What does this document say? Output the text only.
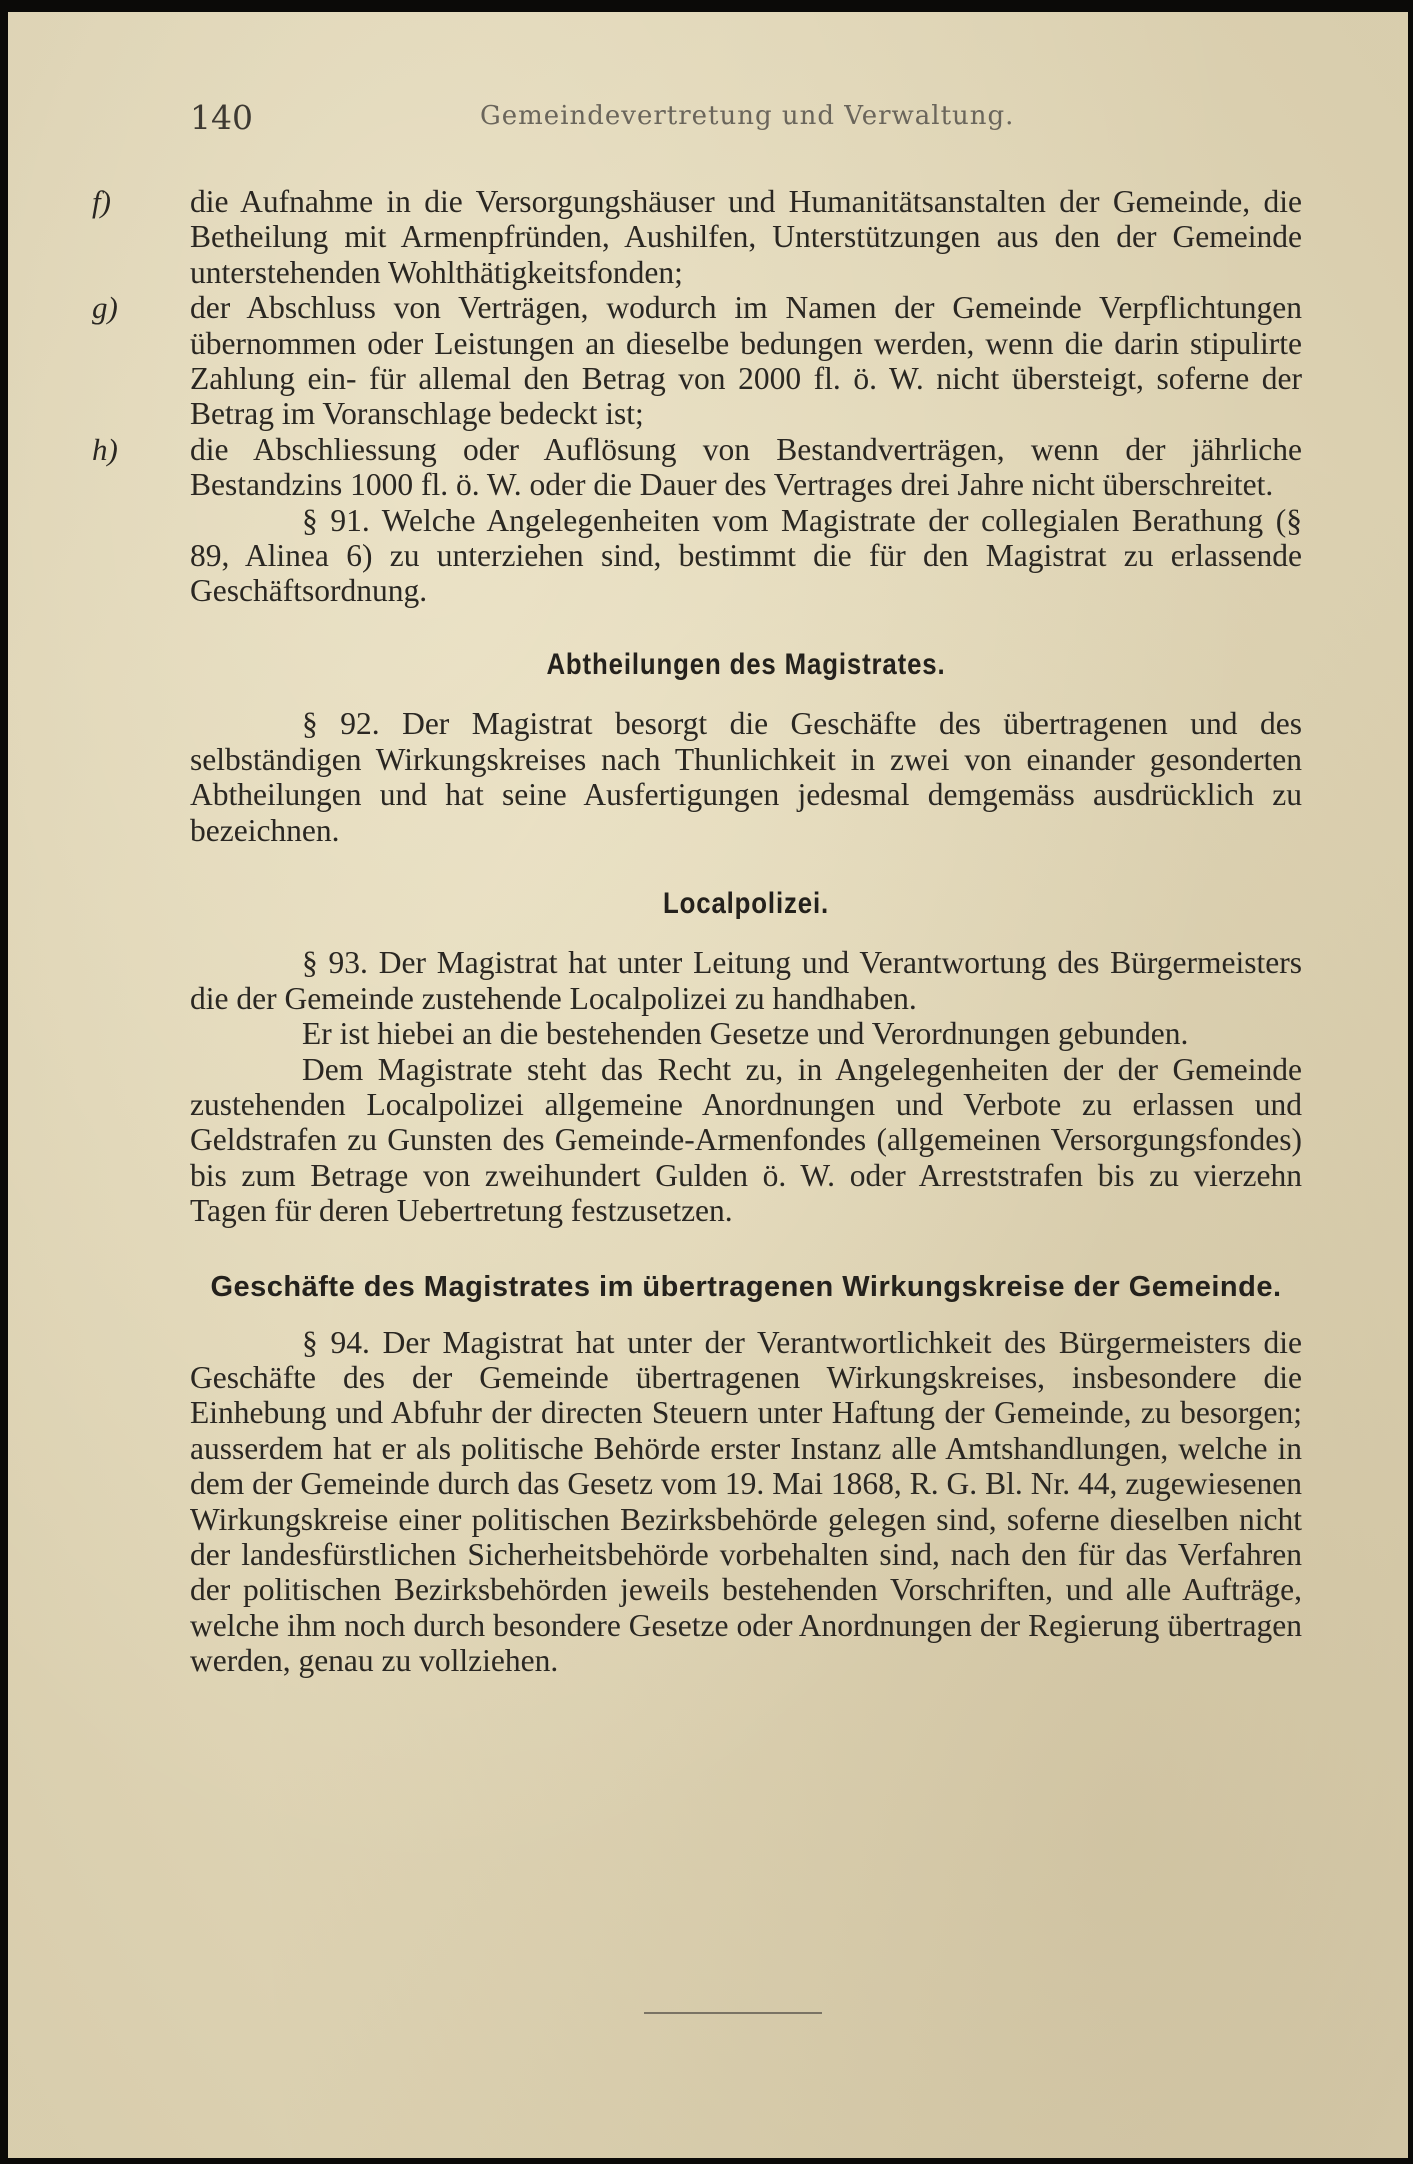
140	Gemeindevertretung und Verwaltung.
f)	die Aufnahme in die Versorgungshäuser und Humanitätsanstalten der Gemeinde, die Betheilung mit Armenpfründen, Aushilfen, Unterstützungen aus den der Gemeinde unterstehenden Wohlthätigkeitsfonden;
g) der Abschluss von Verträgen, wodurch im Namen der Gemeinde Verpflichtungen übernommen oder Leistungen an dieselbe bedungen werden, wenn die darin stipulirte Zahlung ein- für allemal den Betrag von 2000 fl. ö. W. nicht übersteigt, soferne der Betrag im Voranschlage bedeckt ist;
h) die Abschliessung oder Auflösung von Bestandverträgen, wenn der jährliche Bestandzins 1000 fl. ö. W. oder die Dauer des Vertrages drei Jahre nicht überschreitet.

§ 91. Welche Angelegenheiten vom Magistrate der collegialen Berathung (§ 89, Alinea 6) zu unterziehen sind, bestimmt die für den Magistrat zu erlassende Geschäftsordnung.

Abtheilungen des Magistrates.

§ 92. Der Magistrat besorgt die Geschäfte des übertragenen und des selbständigen Wirkungskreises nach Thunlichkeit in zwei von einander gesonderten Abtheilungen und hat seine Ausfertigungen jedesmal demgemäss ausdrücklich zu bezeichnen.

Localpolizei.

§ 93. Der Magistrat hat unter Leitung und Verantwortung des Bürgermeisters die der Gemeinde zustehende Localpolizei zu handhaben.

Er ist hiebei an die bestehenden Gesetze und Verordnungen gebunden.

Dem Magistrate steht das Recht zu, in Angelegenheiten der der Gemeinde zustehenden Localpolizei allgemeine Anordnungen und Verbote zu erlassen und Geldstrafen zu Gunsten des Gemeinde-Armenfondes (allgemeinen Versorgungsfondes) bis zum Betrage von zweihundert Gulden ö. W. oder Arreststrafen bis zu vierzehn Tagen für deren Uebertretung festzusetzen.

Geschäfte des Magistrates im übertragenen Wirkungskreise der Gemeinde.

§ 94. Der Magistrat hat unter der Verantwortlichkeit des Bürgermeisters die Geschäfte des der Gemeinde übertragenen Wirkungskreises, insbesondere die Einhebung und Abfuhr der directen Steuern unter Haftung der Gemeinde, zu besorgen; ausserdem hat er als politische Behörde erster Instanz alle Amtshandlungen, welche in dem der Gemeinde durch das Gesetz vom 19. Mai 1868, R. G. Bl. Nr. 44, zugewiesenen Wirkungskreise einer politischen Bezirksbehörde gelegen sind, soferne dieselben nicht der landesfürstlichen Sicherheitsbehörde vorbehalten sind, nach den für das Verfahren der politischen Bezirksbehörden jeweils bestehenden Vorschriften, und alle Aufträge, welche ihm noch durch besondere Gesetze oder Anordnungen der Regierung übertragen werden, genau zu vollziehen.
